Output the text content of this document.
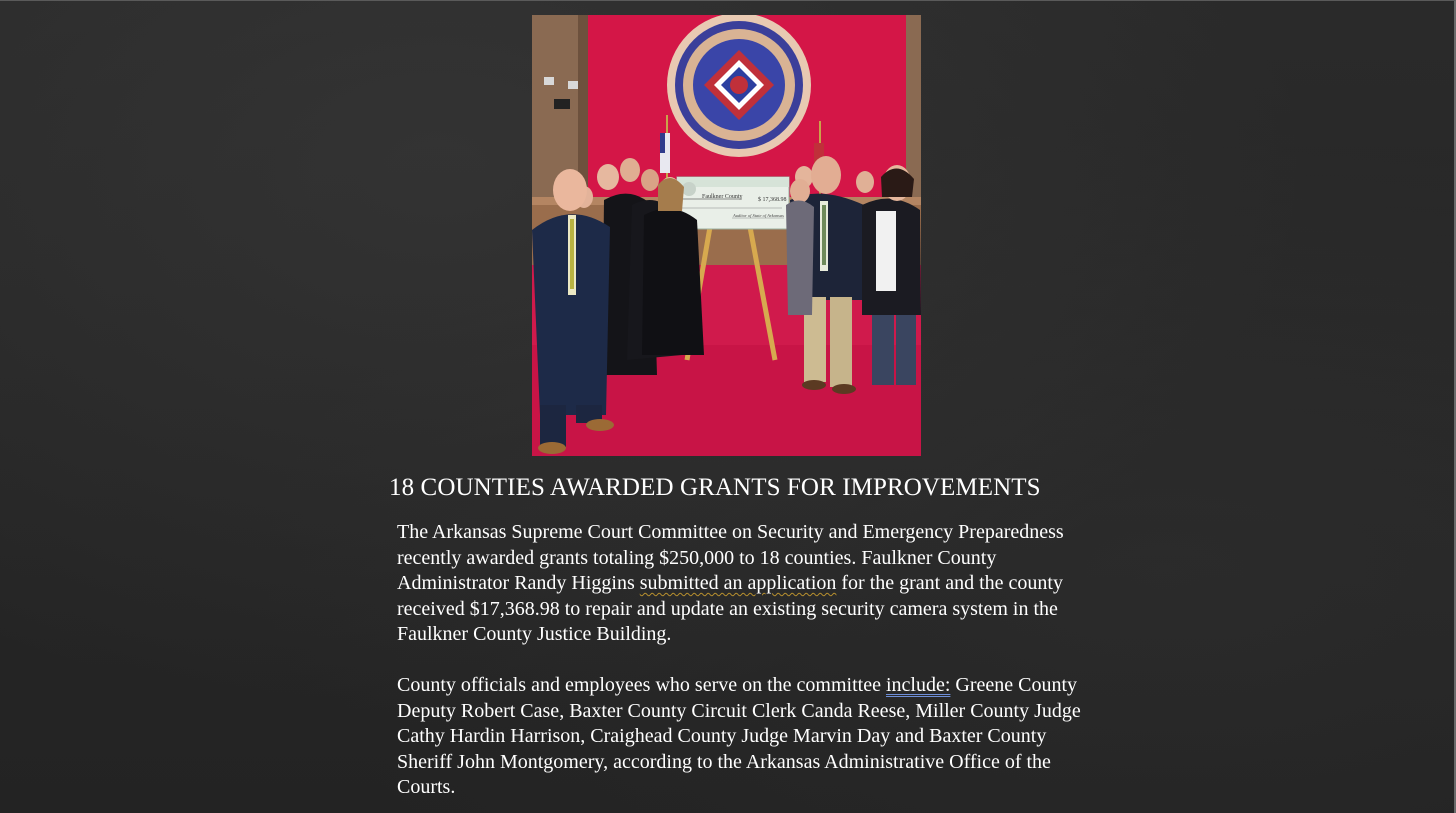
Faulkner County	$ 17,368.98
Auditor of State of Arkansas
18 COUNTIES AWARDED GRANTS FOR IMPROVEMENTS

The Arkansas Supreme Court Committee on Security and Emergency Preparedness recently awarded grants totaling $250,000 to 18 counties. Faulkner County Administrator Randy Higgins submitted an application for the grant and the county received $17,368.98 to repair and update an existing security camera system in the Faulkner County Justice Building.

County officials and employees who serve on the committee include: Greene County Deputy Robert Case, Baxter County Circuit Clerk Canda Reese, Miller County Judge Cathy Hardin Harrison, Craighead County Judge Marvin Day and Baxter County Sheriff John Montgomery, according to the Arkansas Administrative Office of the Courts.
